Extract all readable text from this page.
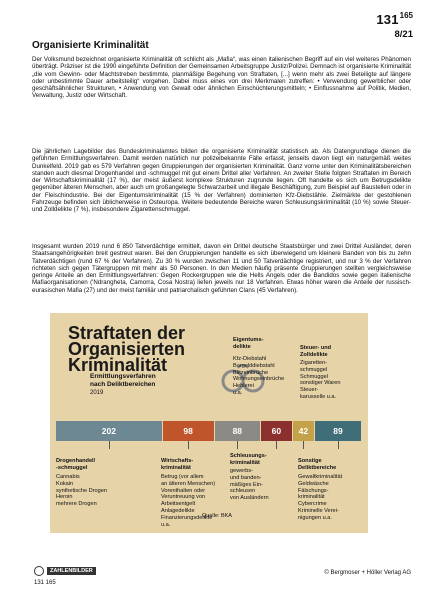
$131^{165}$
8/21
Organisierte Kriminalität
Der Volksmund bezeichnet organisierte Kriminalität oft schlicht als „Mafia“, was einen italienischen Begriff auf ein viel weiteres Phänomen überträgt. Präziser ist die 1990 eingeführte Definition der Gemeinsamen Arbeitsgruppe Justiz/Polizei. Demnach ist organisierte Kriminalität „die vom Gewinn- oder Machtstreben bestimmte, planmäßige Begehung von Straftaten, [...] wenn mehr als zwei Beteiligte auf längere oder unbestimmte Dauer arbeitsteilig“ vorgehen. Dabei muss eines von drei Merkmalen zutreffen: • Verwendung gewerblicher oder geschäftsähnlicher Strukturen, • Anwendung von Gewalt oder ähnlichen Einschüchterungsmitteln; • Einflussnahme auf Politik, Medien, Verwaltung, Justiz oder Wirtschaft.
Die jährlichen Lagebilder des Bundeskriminalamtes bilden die organisierte Kriminalität statistisch ab. Als Datengrundlage dienen die geführten Ermittlungsverfahren. Damit werden natürlich nur polizeibekannte Fälle erfasst, jenseits davon liegt ein naturgemäß weites Dunkelfeld. 2019 gab es 579 Verfahren gegen Gruppierungen der organisierten Kriminalität. Ganz vorne unter den Kriminalitätsbereichen standen auch diesmal Drogenhandel und -schmuggel mit gut einem Drittel aller Verfahren. An zweiter Stelle folgten Straftaten im Bereich der Wirtschaftskriminalität (17 %), der meist äußerst komplexe Strukturen zugrunde liegen. Oft handelte es sich um Betrugsdelikte gegenüber älteren Menschen, aber auch um großangelegte Schwarzarbeit und illegale Beschäftigung, zum Beispiel auf Baustellen oder in der Fleischindustrie. Bei der Eigentumskriminalität (15 % der Verfahren) dominierten Kfz-Diebstähle. Zielmärkte der gestohlenen Fahrzeuge befinden sich üblicherweise in Osteuropa. Weitere bedeutende Bereiche waren Schleusungskriminalität (10 %) sowie Steuer- und Zolldelikte (7 %), insbesondere Zigarettenschmuggel.
Insgesamt wurden 2019 rund 6 850 Tatverdächtige ermittelt, davon ein Drittel deutsche Staatsbürger und zwei Drittel Ausländer, deren Staatsangehörigkeiten breit gestreut waren. Bei den Gruppierungen handelte es sich überwiegend um kleinere Banden von bis zu zehn Tatverdächtigen (rund 67 % der Verfahren). Zu 30 % wurden zwischen 11 und 50 Tatverdächtige registriert, und nur 3 % der Verfahren richteten sich gegen Tätergruppen mit mehr als 50 Personen. In den Medien häufig präsente Gruppierungen stellten vergleichsweise geringe Anteile an den Ermittlungsverfahren: Gegen Rockergruppen wie die Hells Angels oder die Bandidos sowie gegen italienische Mafiaorganisationen ('Ndrangheta, Camorra, Cosa Nostra) liefen jeweils nur 18 Verfahren. Etwas höher waren die Anteile der russisch-eurasischen Mafia (27) und der meist familiär und patriarchalisch geführten Clans (45 Verfahren).
Straftaten der
Organisierten
Kriminalität
Ermittlungsverfahren
nach Deliktbereichen
2019
Eigentums-
delikte
Kfz-Diebstahl
Bargelddiebstahl
Blitzeinbrüche
Wohnungseinbrüche
Hehlerei
u.a.
Steuer- und
Zolldelikte
Zigaretten-
schmuggel
Schmuggel
sonstiger Waren
Steuer-
karusselle u.a.
202	98	88	60	42	89
Drogenhandel/
-schmuggel
Cannabis
Kokain
synthetische Drogen
Heroin
mehrere Drogen
Wirtschafts-
kriminalität
Betrug (vor allem
an älteren Menschen)
Vorenthalten oder
Veruntreuung von
Arbeitsentgelt
Anlagedelikte
Finanzierungsdelikte
u.a.
Schleusungs-
kriminalität
gewerbs-
und banden-
mäßiges Ein-
schleusen
von Ausländern
Sonstige
Deliktbereiche
Gewaltkriminalität
Geldwäsche
Fälschungs-
kriminalität
Cybercrime
Kriminelle Verei-
nigungen u.a.
Quelle: BKA
ZAHLENBILDER
131 165
© Bergmoser + Höller Verlag AG
